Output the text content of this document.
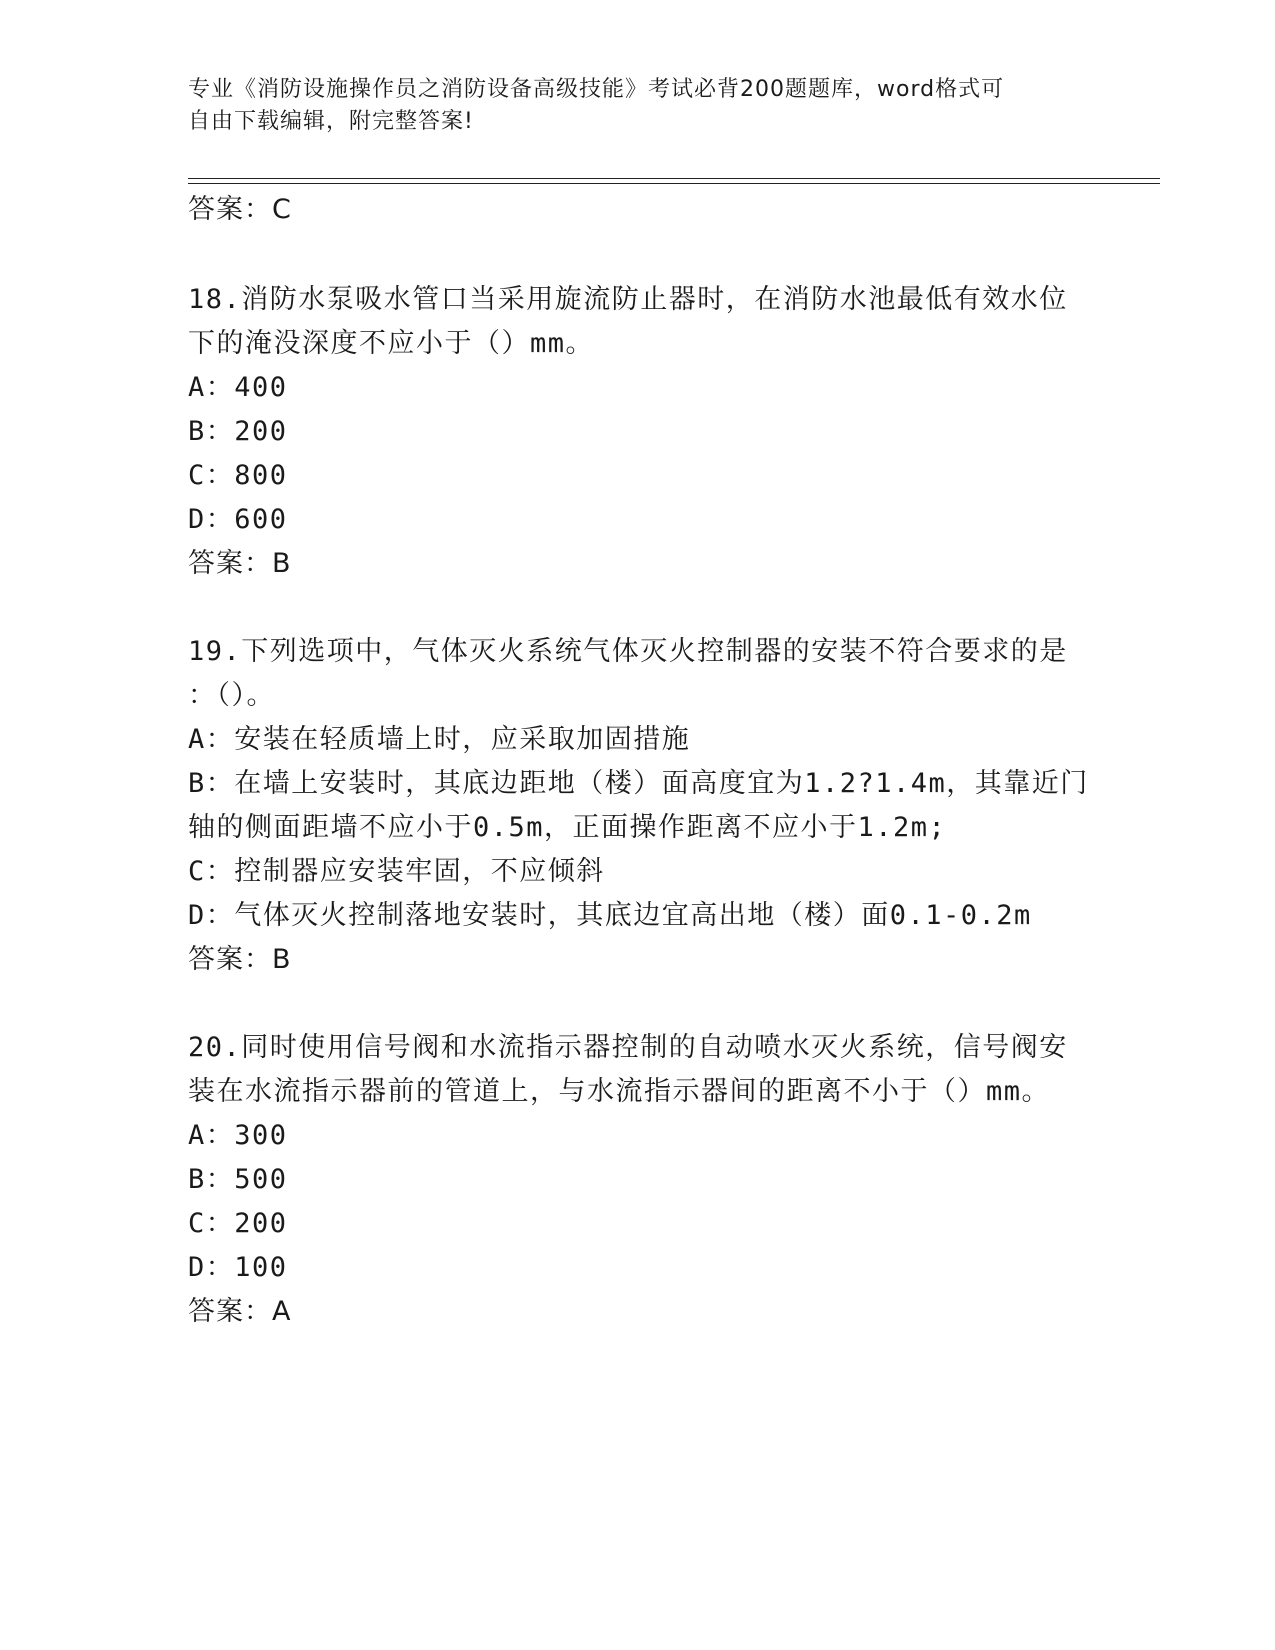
专业《消防设施操作员之消防设备高级技能》考试必背200题题库，word格式可
自由下载编辑，附完整答案!
答案：C
18.消防水泵吸水管口当采用旋流防止器时，在消防水池最低有效水位
下的淹没深度不应小于（）mm。
A：400
B：200
C：800
D：600
答案：B
19.下列选项中，气体灭火系统气体灭火控制器的安装不符合要求的是
：（）。
A：安装在轻质墙上时，应采取加固措施
B：在墙上安装时，其底边距地（楼）面高度宜为1.2?1.4m，其靠近门
轴的侧面距墙不应小于0.5m，正面操作距离不应小于1.2m;
C：控制器应安装牢固，不应倾斜
D：气体灭火控制落地安装时，其底边宜高出地（楼）面0.1-0.2m
答案：B
20.同时使用信号阀和水流指示器控制的自动喷水灭火系统，信号阀安
装在水流指示器前的管道上，与水流指示器间的距离不小于（）mm。
A：300
B：500
C：200
D：100
答案：A
